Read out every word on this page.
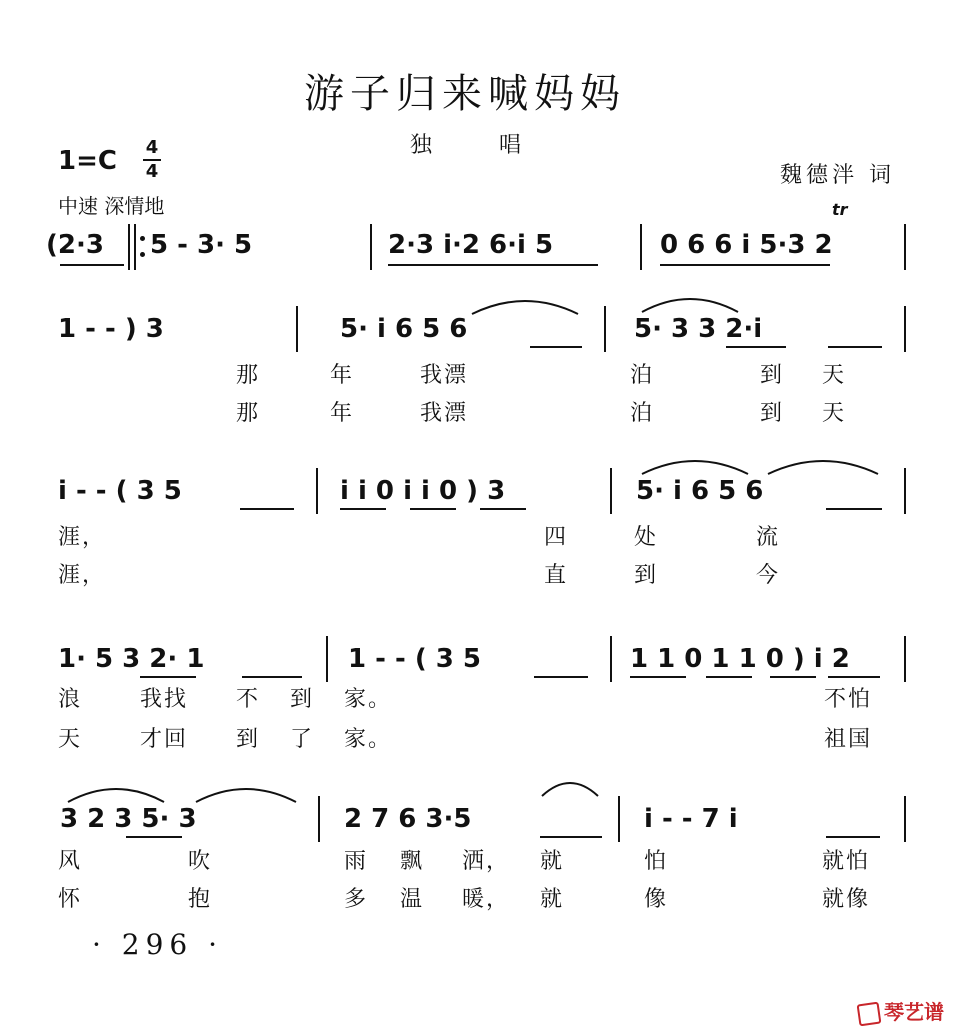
游子归来喊妈妈
独 唱
1=C	4
4	魏德泮 词
中速 深情地
(2·3 5 - 3· 5	2·3 i·2 6·i 5	0 6 6 i 5·3 2
tr
1 - - ) 3	5· i 6 5 6	5· 3 3 2·i
那	年	我漂	泊	到 天
那	年	我漂	泊	到 天
i - - ( 3 5	i i 0 i i 0 ) 3	5· i 6 5 6
涯，	四	处	流
涯，	直	到	今
1· 5 3 2· 1	1 - - ( 3 5	1 1 0 1 1 0 ) i 2
浪	我找 不 到 家。	不怕
天	才回 到 了 家。	祖国
3 2 3 5· 3	2 7 6 3·5	i - - 7 i
风	吹	雨 飘 洒， 就	怕	就怕
怀	抱	多 温 暖， 就	像	就像
· 296 ·
琴艺谱
